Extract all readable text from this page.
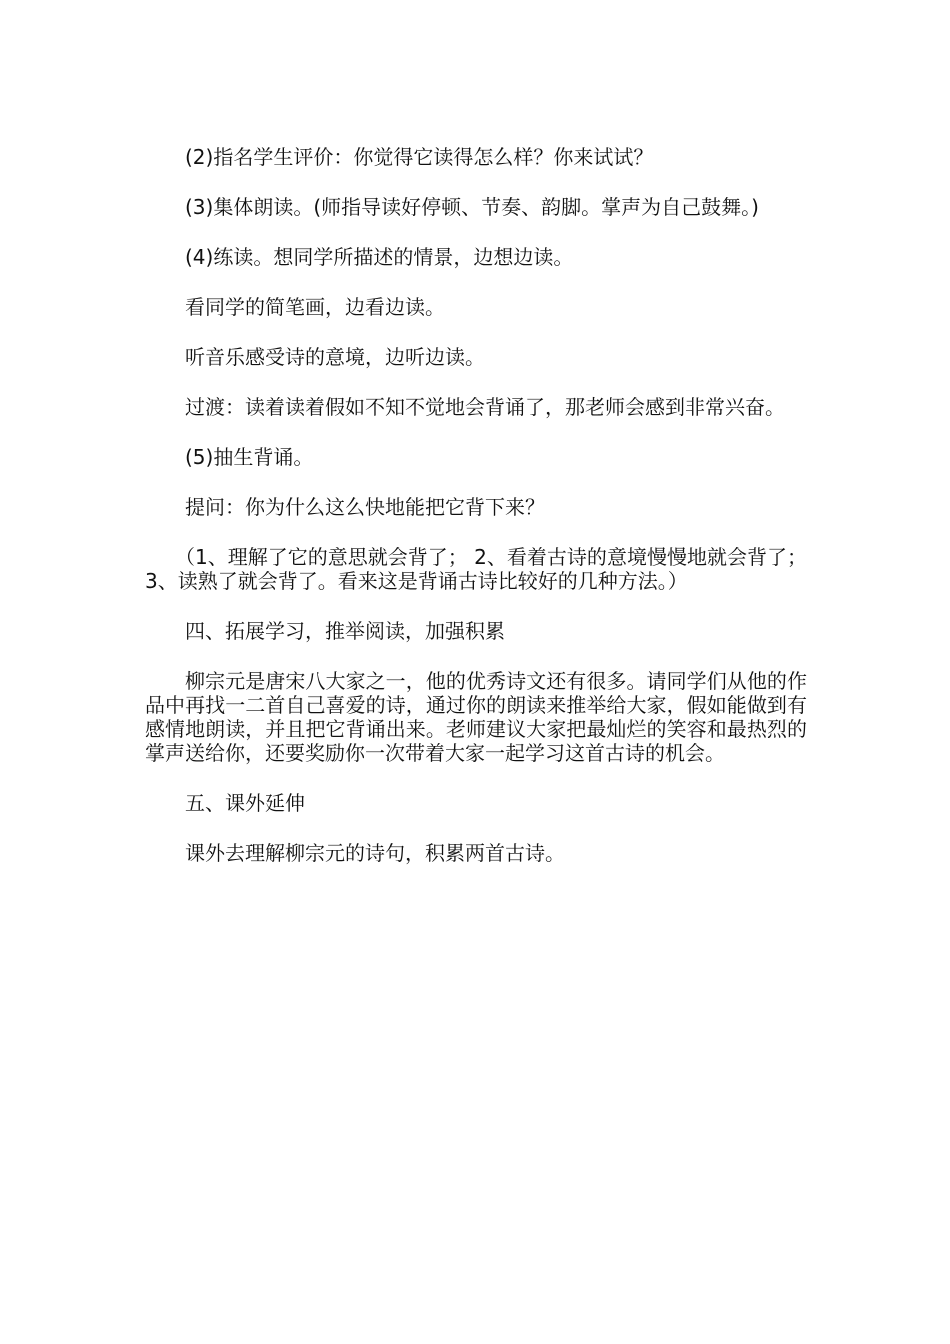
(2)指名学生评价：你觉得它读得怎么样？你来试试？

(3)集体朗读。(师指导读好停顿、节奏、韵脚。掌声为自己鼓舞。)

(4)练读。想同学所描述的情景，边想边读。

看同学的简笔画，边看边读。

听音乐感受诗的意境，边听边读。

过渡：读着读着假如不知不觉地会背诵了，那老师会感到非常兴奋。

(5)抽生背诵。

提问：你为什么这么快地能把它背下来？

（1、理解了它的意思就会背了； 2、看着古诗的意境慢慢地就会背了；3、读熟了就会背了。看来这是背诵古诗比较好的几种方法。）

四、拓展学习，推举阅读，加强积累

柳宗元是唐宋八大家之一，他的优秀诗文还有很多。请同学们从他的作品中再找一二首自己喜爱的诗，通过你的朗读来推举给大家，假如能做到有感情地朗读，并且把它背诵出来。老师建议大家把最灿烂的笑容和最热烈的掌声送给你，还要奖励你一次带着大家一起学习这首古诗的机会。

五、课外延伸

课外去理解柳宗元的诗句，积累两首古诗。
